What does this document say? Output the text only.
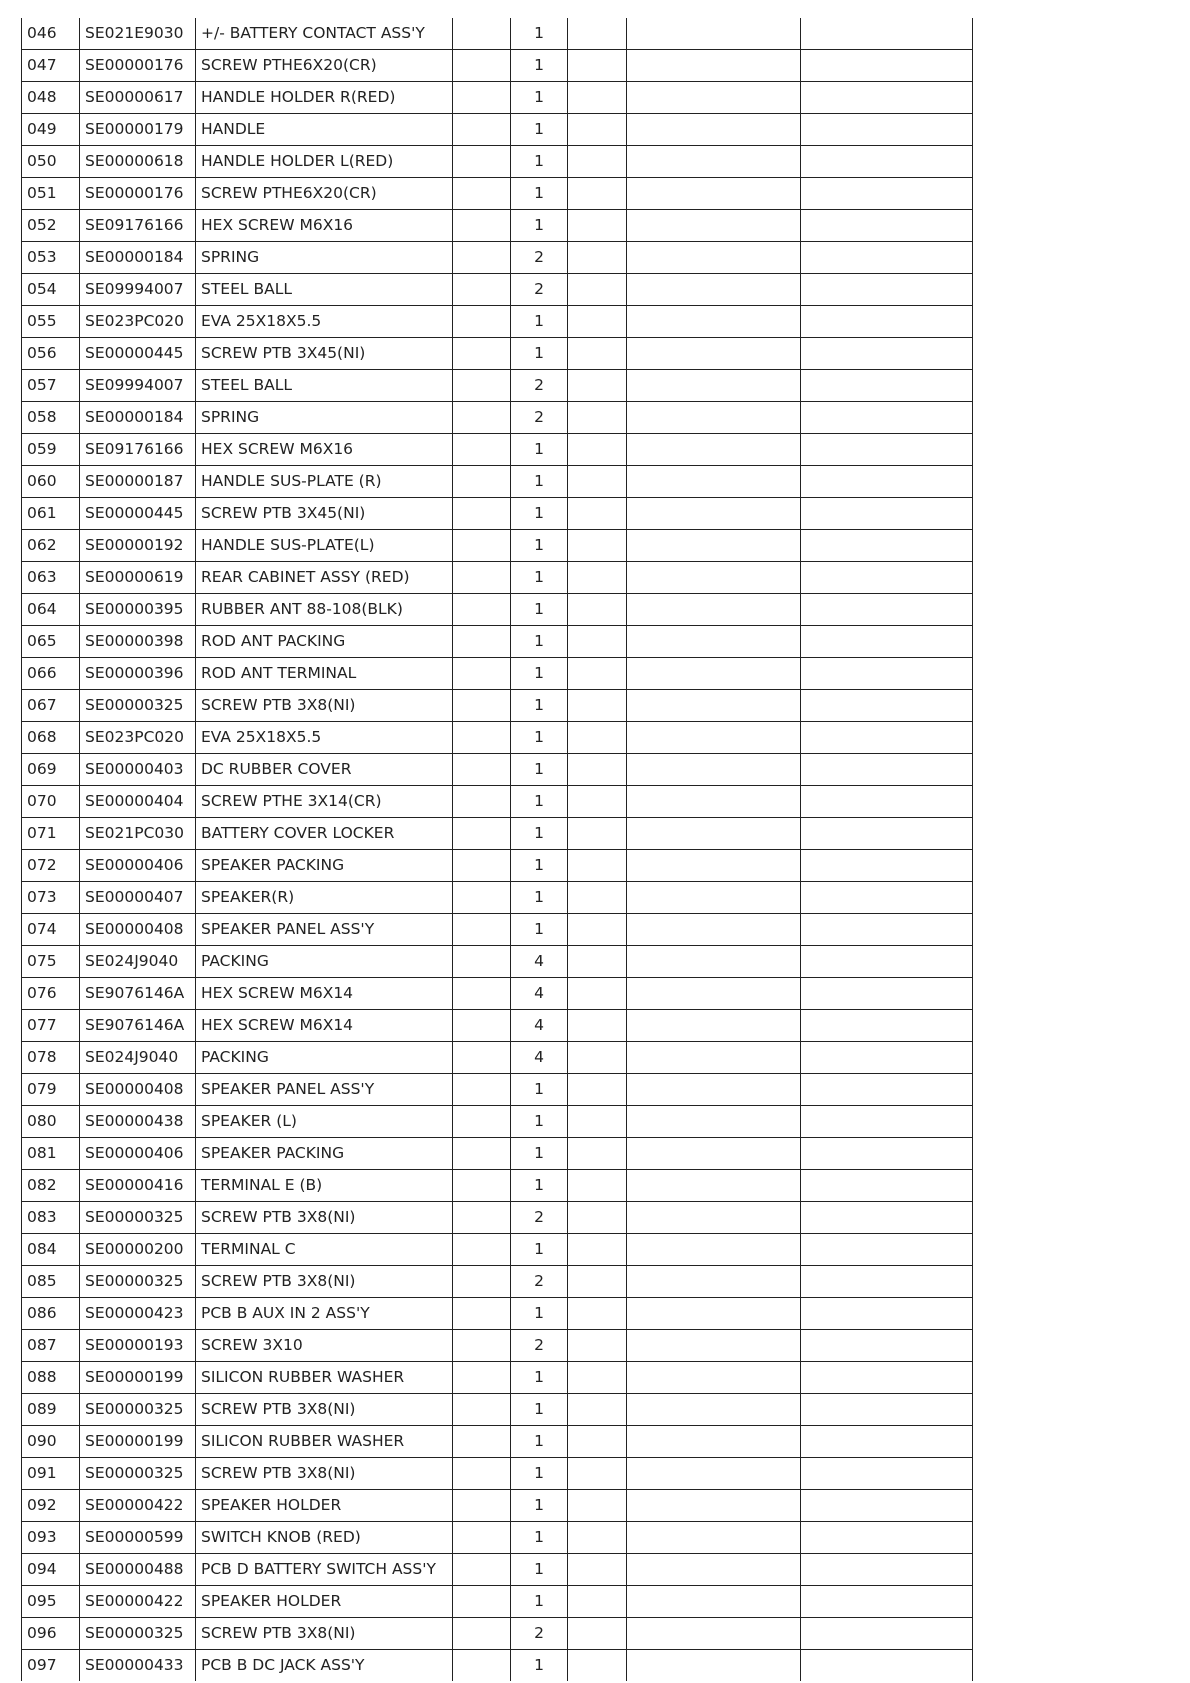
046	SE021E9030	+/- BATTERY CONTACT ASS'Y		1			
047	SE00000176	SCREW PTHE6X20(CR)		1			
048	SE00000617	HANDLE HOLDER R(RED)		1			
049	SE00000179	HANDLE		1			
050	SE00000618	HANDLE HOLDER L(RED)		1			
051	SE00000176	SCREW PTHE6X20(CR)		1			
052	SE09176166	HEX SCREW M6X16		1			
053	SE00000184	SPRING		2			
054	SE09994007	STEEL BALL		2			
055	SE023PC020	EVA 25X18X5.5		1			
056	SE00000445	SCREW PTB 3X45(NI)		1			
057	SE09994007	STEEL BALL		2			
058	SE00000184	SPRING		2			
059	SE09176166	HEX SCREW M6X16		1			
060	SE00000187	HANDLE SUS-PLATE (R)		1			
061	SE00000445	SCREW PTB 3X45(NI)		1			
062	SE00000192	HANDLE SUS-PLATE(L)		1			
063	SE00000619	REAR CABINET ASSY (RED)		1			
064	SE00000395	RUBBER ANT 88-108(BLK)		1			
065	SE00000398	ROD ANT PACKING		1			
066	SE00000396	ROD ANT TERMINAL		1			
067	SE00000325	SCREW PTB 3X8(NI)		1			
068	SE023PC020	EVA 25X18X5.5		1			
069	SE00000403	DC RUBBER COVER		1			
070	SE00000404	SCREW PTHE 3X14(CR)		1			
071	SE021PC030	BATTERY COVER LOCKER		1			
072	SE00000406	SPEAKER PACKING		1			
073	SE00000407	SPEAKER(R)		1			
074	SE00000408	SPEAKER PANEL ASS'Y		1			
075	SE024J9040	PACKING		4			
076	SE9076146A	HEX SCREW M6X14		4			
077	SE9076146A	HEX SCREW M6X14		4			
078	SE024J9040	PACKING		4			
079	SE00000408	SPEAKER PANEL ASS'Y		1			
080	SE00000438	SPEAKER (L)		1			
081	SE00000406	SPEAKER PACKING		1			
082	SE00000416	TERMINAL E (B)		1			
083	SE00000325	SCREW PTB 3X8(NI)		2			
084	SE00000200	TERMINAL C		1			
085	SE00000325	SCREW PTB 3X8(NI)		2			
086	SE00000423	PCB B AUX IN 2 ASS'Y		1			
087	SE00000193	SCREW 3X10		2			
088	SE00000199	SILICON RUBBER WASHER		1			
089	SE00000325	SCREW PTB 3X8(NI)		1			
090	SE00000199	SILICON RUBBER WASHER		1			
091	SE00000325	SCREW PTB 3X8(NI)		1			
092	SE00000422	SPEAKER HOLDER		1			
093	SE00000599	SWITCH KNOB (RED)		1			
094	SE00000488	PCB D BATTERY SWITCH ASS'Y		1			
095	SE00000422	SPEAKER HOLDER		1			
096	SE00000325	SCREW PTB 3X8(NI)		2			
097	SE00000433	PCB B DC JACK ASS'Y		1			
